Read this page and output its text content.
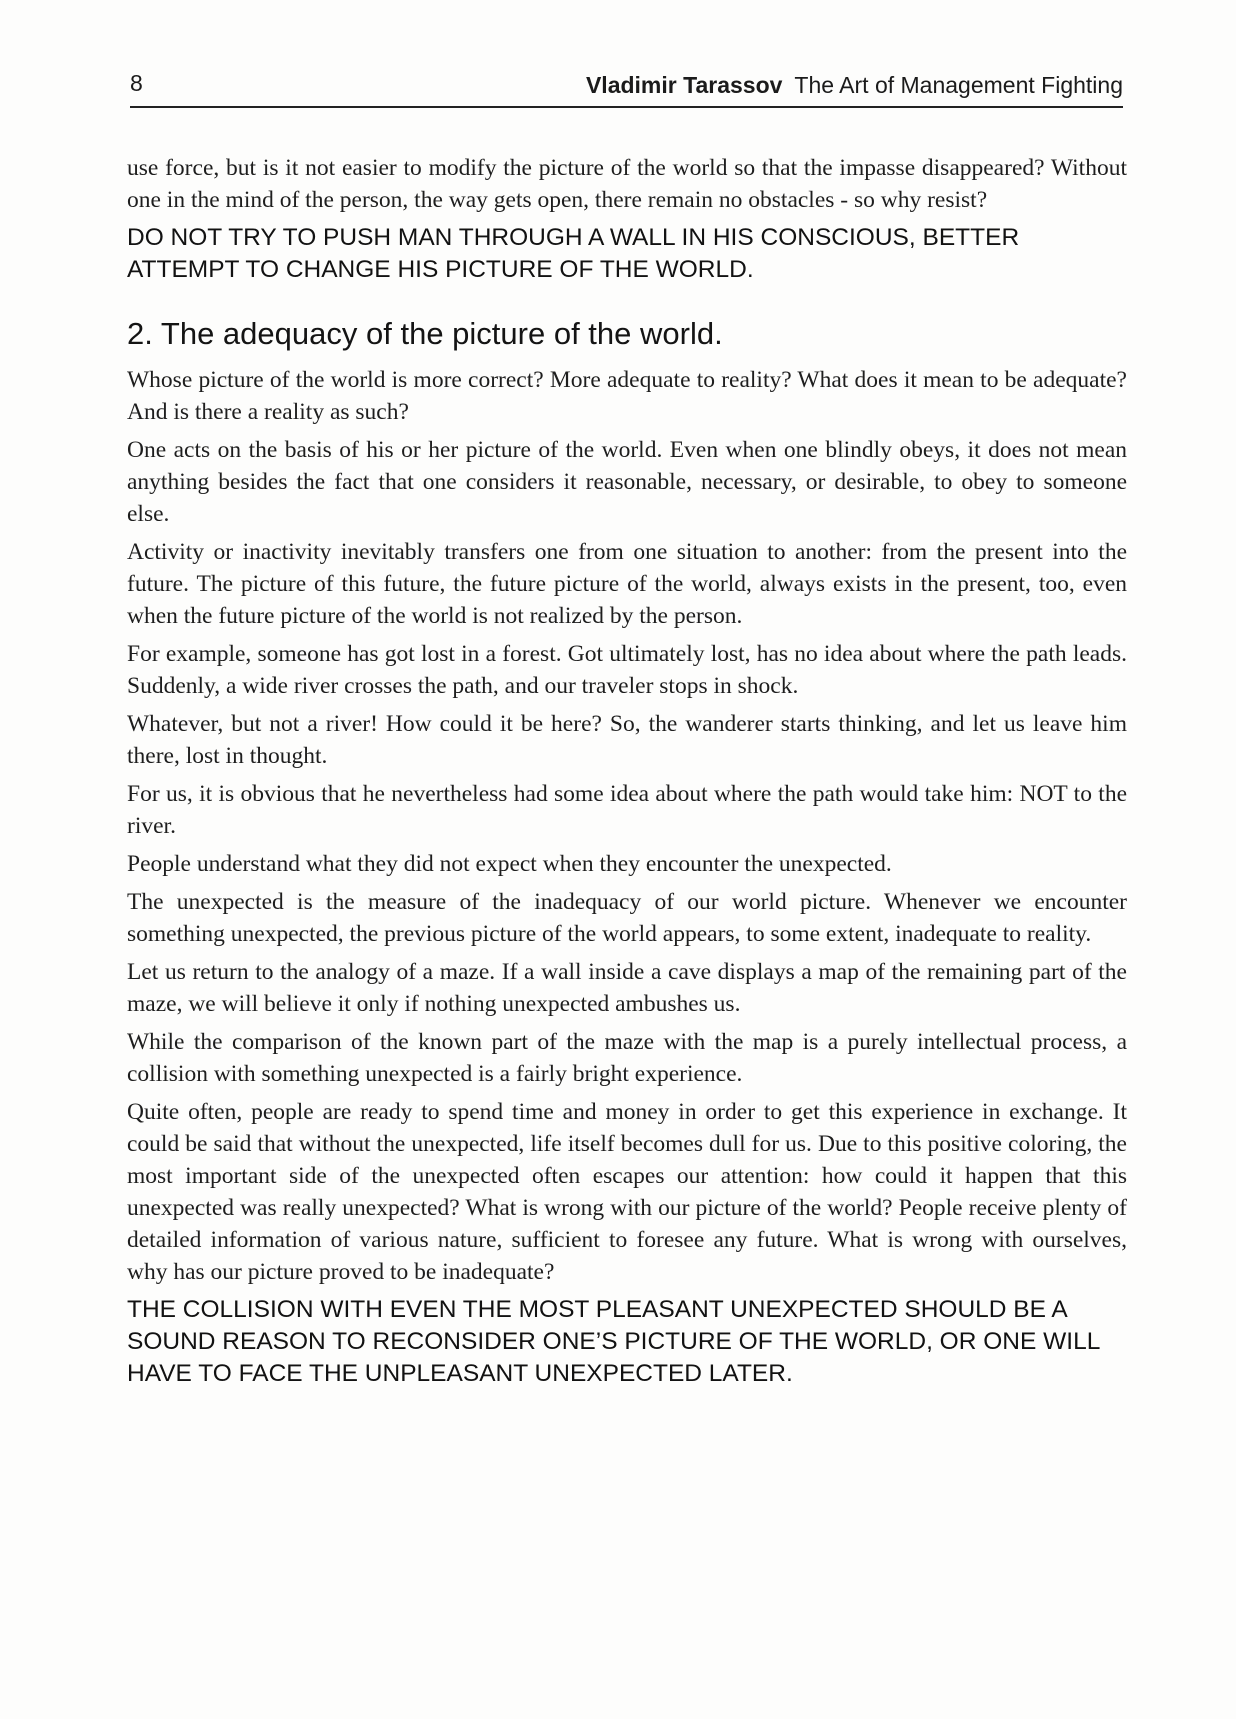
8	Vladimir Tarassov The Art of Management Fighting

use force, but is it not easier to modify the picture of the world so that the impasse disappeared? Without one in the mind of the person, the way gets open, there remain no obstacles - so why resist?

DO NOT TRY TO PUSH MAN THROUGH A WALL IN HIS CONSCIOUS, BETTER ATTEMPT TO CHANGE HIS PICTURE OF THE WORLD.

2. The adequacy of the picture of the world.

Whose picture of the world is more correct? More adequate to reality? What does it mean to be adequate? And is there a reality as such?

One acts on the basis of his or her picture of the world. Even when one blindly obeys, it does not mean anything besides the fact that one considers it reasonable, necessary, or desirable, to obey to someone else.

Activity or inactivity inevitably transfers one from one situation to another: from the present into the future. The picture of this future, the future picture of the world, always exists in the present, too, even when the future picture of the world is not realized by the person.

For example, someone has got lost in a forest. Got ultimately lost, has no idea about where the path leads. Suddenly, a wide river crosses the path, and our traveler stops in shock.

Whatever, but not a river! How could it be here? So, the wanderer starts thinking, and let us leave him there, lost in thought.

For us, it is obvious that he nevertheless had some idea about where the path would take him: NOT to the river.

People understand what they did not expect when they encounter the unexpected.

The unexpected is the measure of the inadequacy of our world picture. Whenever we encounter something unexpected, the previous picture of the world appears, to some extent, inadequate to reality.

Let us return to the analogy of a maze. If a wall inside a cave displays a map of the remaining part of the maze, we will believe it only if nothing unexpected ambushes us.

While the comparison of the known part of the maze with the map is a purely intellectual process, a collision with something unexpected is a fairly bright experience.

Quite often, people are ready to spend time and money in order to get this experience in exchange. It could be said that without the unexpected, life itself becomes dull for us. Due to this positive coloring, the most important side of the unexpected often escapes our attention: how could it happen that this unexpected was really unexpected? What is wrong with our picture of the world? People receive plenty of detailed information of various nature, sufficient to foresee any future. What is wrong with ourselves, why has our picture proved to be inadequate?

THE COLLISION WITH EVEN THE MOST PLEASANT UNEXPECTED SHOULD BE A SOUND REASON TO RECONSIDER ONE’S PICTURE OF THE WORLD, OR ONE WILL HAVE TO FACE THE UNPLEASANT UNEXPECTED LATER.
